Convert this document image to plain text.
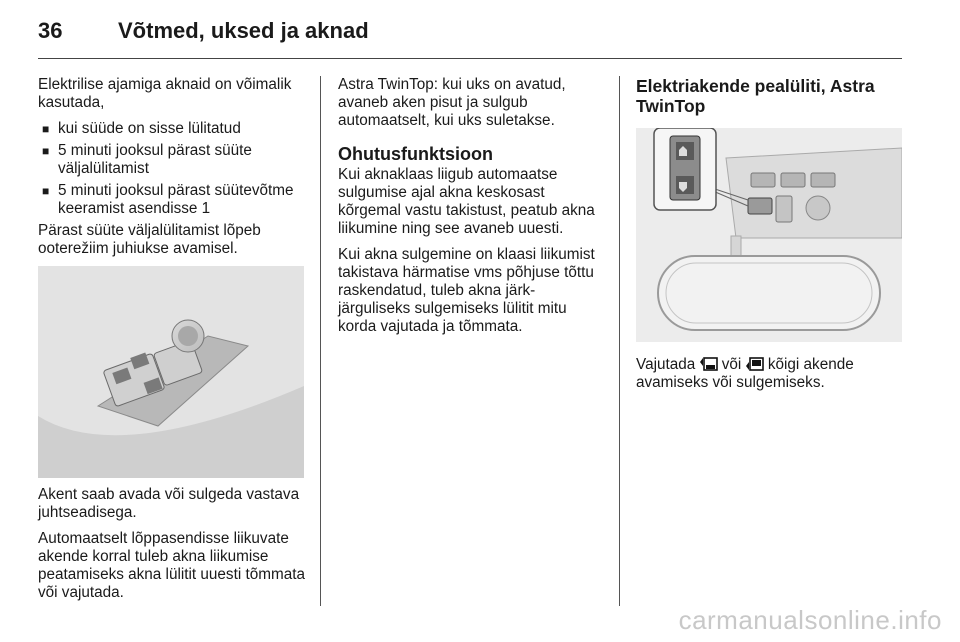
36	Võtmed, uksed ja aknad

Elektrilise ajamiga aknaid on võimalik kasutada,

■ kui süüde on sisse lülitatud
■ 5 minuti jooksul pärast süüte väljalülitamist
■ 5 minuti jooksul pärast süütevõtme keeramist asendisse 1

Pärast süüte väljalülitamist lõpeb ooterežiim juhiukse avamisel.

Akent saab avada või sulgeda vastava juhtseadisega.

Automaatselt lõppasendisse liikuvate akende korral tuleb akna liikumise peatamiseks akna lülitit uuesti tõmmata või vajutada.

Astra TwinTop: kui uks on avatud, avaneb aken pisut ja sulgub automaatselt, kui uks suletakse.

Ohutusfunktsioon

Kui aknaklaas liigub automaatse sulgumise ajal akna keskosast kõrgemal vastu takistust, peatub akna liikumine ning see avaneb uuesti.

Kui akna sulgemine on klaasi liikumist takistava härmatise vms põhjuse tõttu raskendatud, tuleb akna järk-järguliseks sulgemiseks lülitit mitu korda vajutada ja tõmmata.

Elektriakende pealüliti, Astra TwinTop

Vajutada või kõigi akende avamiseks või sulgemiseks.

carmanualsonline.info
